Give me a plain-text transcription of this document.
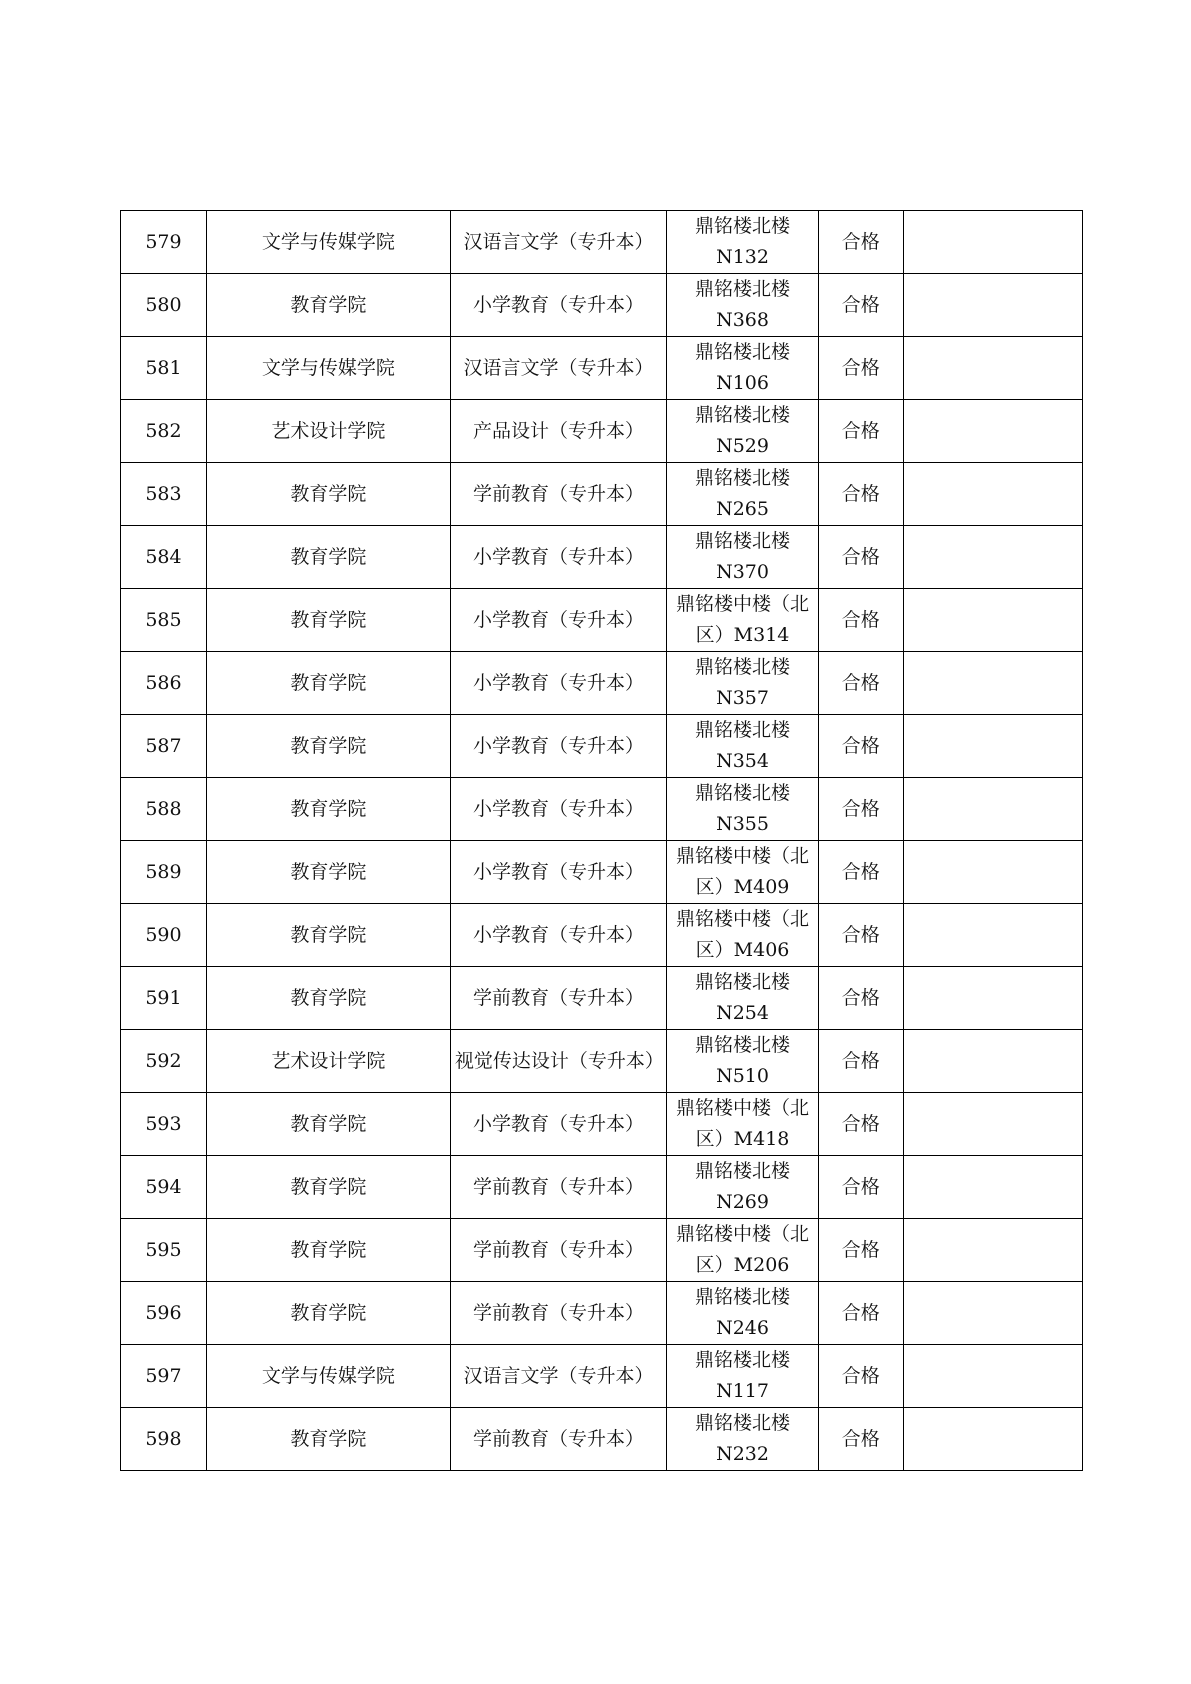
579	文学与传媒学院	汉语言文学（专升本）	鼎铭楼北楼N132	合格	
580	教育学院	小学教育（专升本）	鼎铭楼北楼N368	合格	
581	文学与传媒学院	汉语言文学（专升本）	鼎铭楼北楼N106	合格	
582	艺术设计学院	产品设计（专升本）	鼎铭楼北楼N529	合格	
583	教育学院	学前教育（专升本）	鼎铭楼北楼N265	合格	
584	教育学院	小学教育（专升本）	鼎铭楼北楼N370	合格	
585	教育学院	小学教育（专升本）	鼎铭楼中楼（北区）M314	合格	
586	教育学院	小学教育（专升本）	鼎铭楼北楼N357	合格	
587	教育学院	小学教育（专升本）	鼎铭楼北楼N354	合格	
588	教育学院	小学教育（专升本）	鼎铭楼北楼N355	合格	
589	教育学院	小学教育（专升本）	鼎铭楼中楼（北区）M409	合格	
590	教育学院	小学教育（专升本）	鼎铭楼中楼（北区）M406	合格	
591	教育学院	学前教育（专升本）	鼎铭楼北楼N254	合格	
592	艺术设计学院	视觉传达设计（专升本）	鼎铭楼北楼N510	合格	
593	教育学院	小学教育（专升本）	鼎铭楼中楼（北区）M418	合格	
594	教育学院	学前教育（专升本）	鼎铭楼北楼N269	合格	
595	教育学院	学前教育（专升本）	鼎铭楼中楼（北区）M206	合格	
596	教育学院	学前教育（专升本）	鼎铭楼北楼N246	合格	
597	文学与传媒学院	汉语言文学（专升本）	鼎铭楼北楼N117	合格	
598	教育学院	学前教育（专升本）	鼎铭楼北楼N232	合格	
